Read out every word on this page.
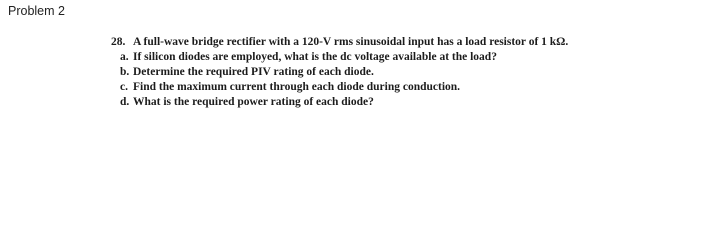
Problem 2
28. A full-wave bridge rectifier with a 120-V rms sinusoidal input has a load resistor of 1 kΩ.
a. If silicon diodes are employed, what is the dc voltage available at the load?
b. Determine the required PIV rating of each diode.
c. Find the maximum current through each diode during conduction.
d. What is the required power rating of each diode?
